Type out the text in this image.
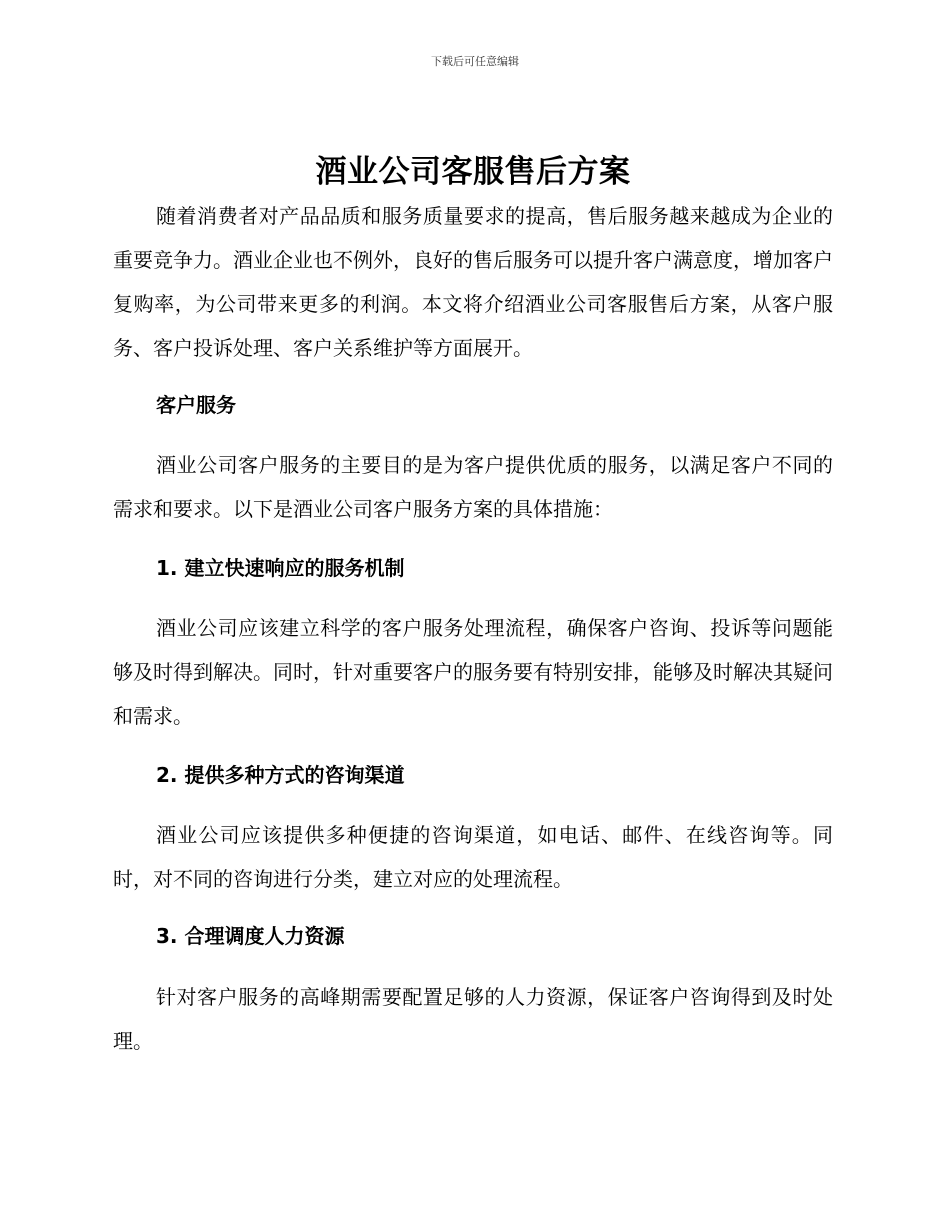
下载后可任意编辑
酒业公司客服售后方案

随着消费者对产品品质和服务质量要求的提高，售后服务越来越成为企业的重要竞争力。酒业企业也不例外，良好的售后服务可以提升客户满意度，增加客户复购率，为公司带来更多的利润。本文将介绍酒业公司客服售后方案，从客户服务、客户投诉处理、客户关系维护等方面展开。

客户服务

酒业公司客户服务的主要目的是为客户提供优质的服务，以满足客户不同的需求和要求。以下是酒业公司客户服务方案的具体措施：

1. 建立快速响应的服务机制

酒业公司应该建立科学的客户服务处理流程，确保客户咨询、投诉等问题能够及时得到解决。同时，针对重要客户的服务要有特别安排，能够及时解决其疑问和需求。

2. 提供多种方式的咨询渠道

酒业公司应该提供多种便捷的咨询渠道，如电话、邮件、在线咨询等。同时，对不同的咨询进行分类，建立对应的处理流程。

3. 合理调度人力资源

针对客户服务的高峰期需要配置足够的人力资源，保证客户咨询得到及时处理。
